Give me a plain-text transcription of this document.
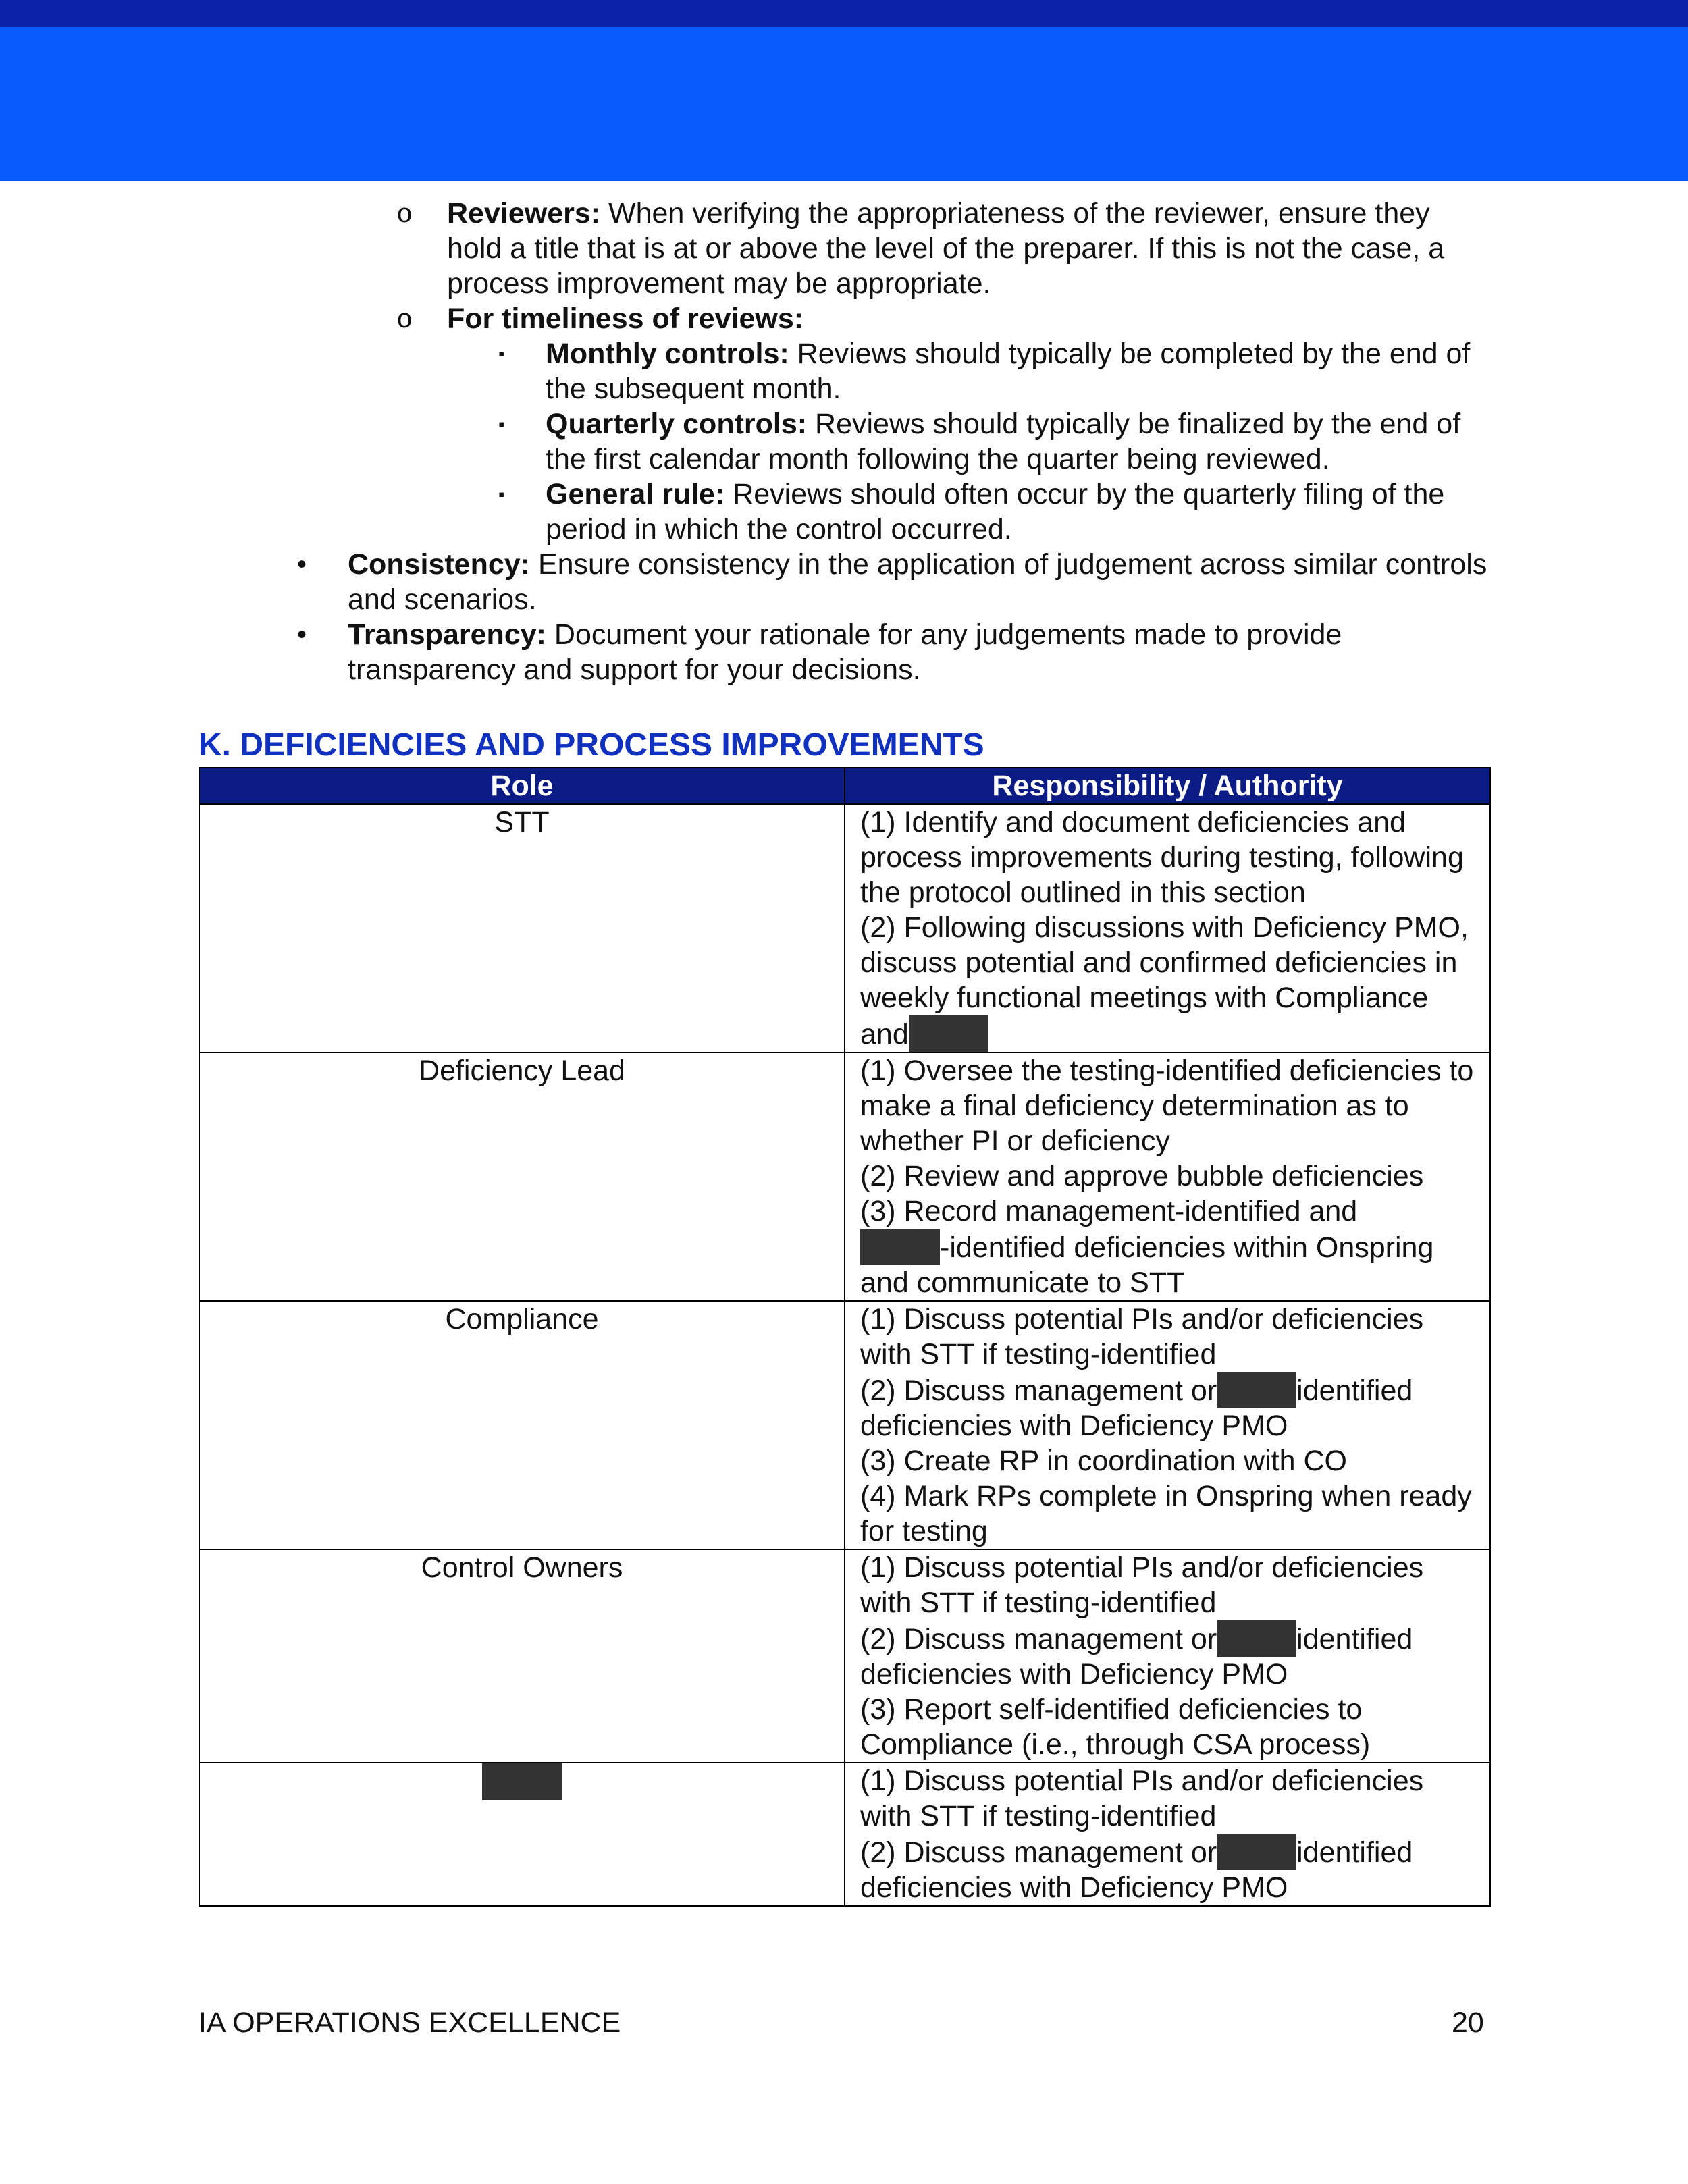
o Reviewers: When verifying the appropriateness of the reviewer, ensure they hold a title that is at or above the level of the preparer. If this is not the case, a process improvement may be appropriate.
o For timeliness of reviews:
▪ Monthly controls: Reviews should typically be completed by the end of the subsequent month.
▪ Quarterly controls: Reviews should typically be finalized by the end of the first calendar month following the quarter being reviewed.
▪ General rule: Reviews should often occur by the quarterly filing of the period in which the control occurred.
• Consistency: Ensure consistency in the application of judgement across similar controls and scenarios.
• Transparency: Document your rationale for any judgements made to provide transparency and support for your decisions.
K. DEFICIENCIES AND PROCESS IMPROVEMENTS
Role	Responsibility / Authority
STT	(1) Identify and document deficiencies and process improvements during testing, following the protocol outlined in this section
(2) Following discussions with Deficiency PMO, discuss potential and confirmed deficiencies in weekly functional meetings with Compliance and

Deficiency Lead	(1) Oversee the testing-identified deficiencies to make a final deficiency determination as to whether PI or deficiency
(2) Review and approve bubble deficiencies
(3) Record management-identified and
-identified deficiencies within Onspring and communicate to STT

Compliance	(1) Discuss potential PIs and/or deficiencies with STT if testing-identified
(2) Discuss management or identified deficiencies with Deficiency PMO
(3) Create RP in coordination with CO
(4) Mark RPs complete in Onspring when ready for testing

Control Owners	(1) Discuss potential PIs and/or deficiencies with STT if testing-identified
(2) Discuss management or identified deficiencies with Deficiency PMO
(3) Report self-identified deficiencies to Compliance (i.e., through CSA process)

	(1) Discuss potential PIs and/or deficiencies with STT if testing-identified
(2) Discuss management or identified deficiencies with Deficiency PMO
IA OPERATIONS EXCELLENCE	20
